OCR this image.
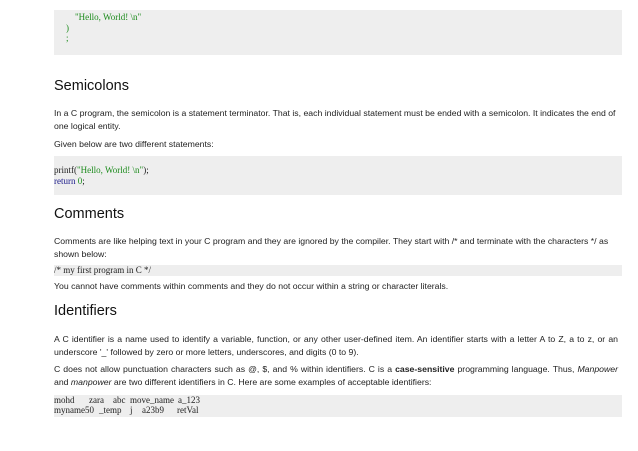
"Hello, World! \n"
)
;
Semicolons

In a C program, the semicolon is a statement terminator. That is, each individual statement must be ended with a semicolon. It indicates the end of one logical entity.

Given below are two different statements:

printf("Hello, World! \n");
return 0;
Comments

Comments are like helping text in your C program and they are ignored by the compiler. They start with /* and terminate with the characters */ as shown below:

/* my first program in C */

You cannot have comments within comments and they do not occur within a string or character literals.

Identifiers

A C identifier is a name used to identify a variable, function, or any other user-defined item. An identifier starts with a letter A to Z, a to z, or an underscore '_' followed by zero or more letters, underscores, and digits (0 to 9).

C does not allow punctuation characters such as @, $, and % within identifiers. C is a case-sensitive programming language. Thus, Manpower and manpower are two different identifiers in C. Here are some examples of acceptable identifiers:

mohd zara abc move_name a_123
myname50 _temp j a23b9 retVal
